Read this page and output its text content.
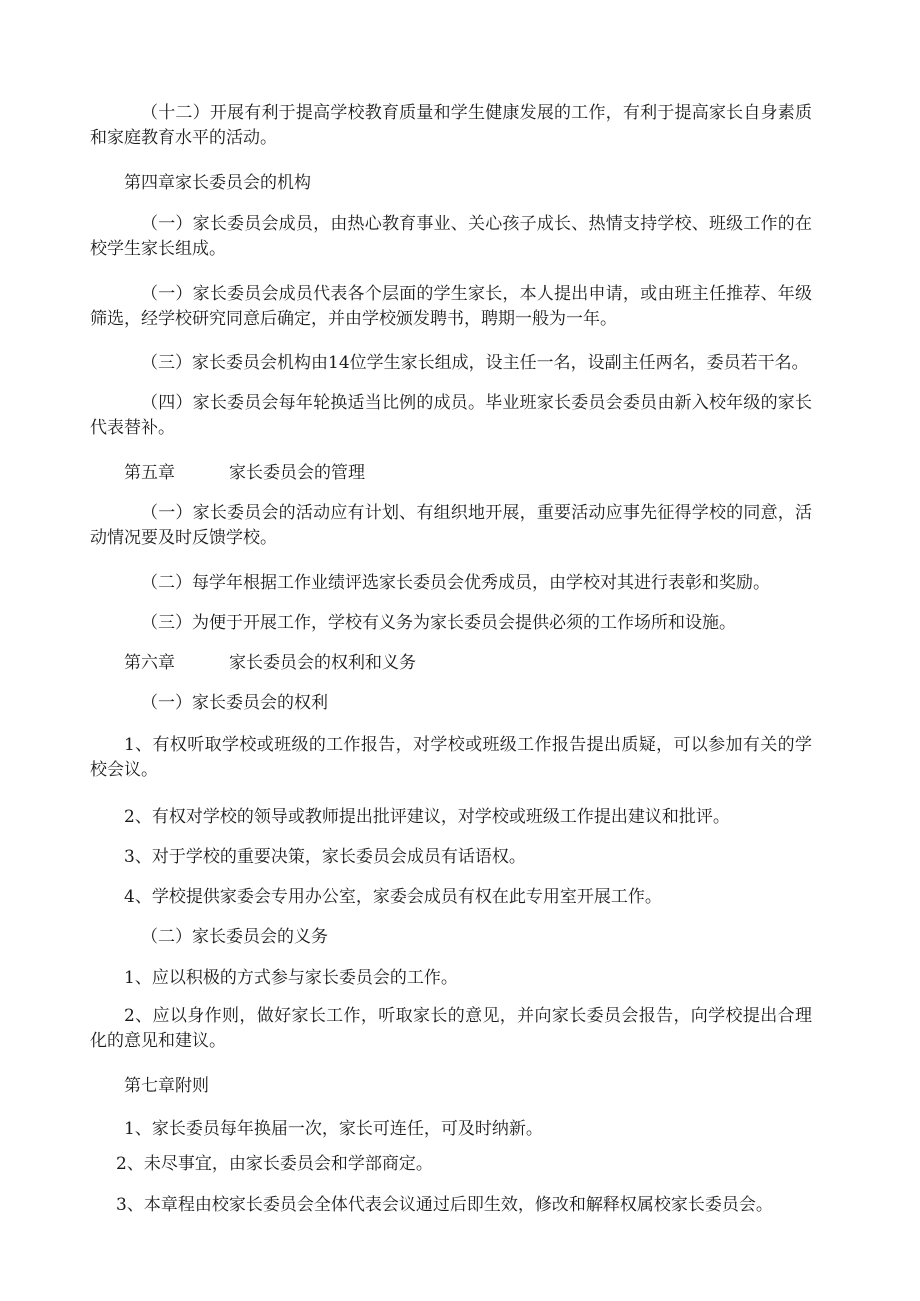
（十二）开展有利于提高学校教育质量和学生健康发展的工作，有利于提高家长自身素质和家庭教育水平的活动。

第四章家长委员会的机构

（一）家长委员会成员，由热心教育事业、关心孩子成长、热情支持学校、班级工作的在校学生家长组成。

（一）家长委员会成员代表各个层面的学生家长，本人提出申请，或由班主任推荐、年级筛选，经学校研究同意后确定，并由学校颁发聘书，聘期一般为一年。

（三）家长委员会机构由14位学生家长组成，设主任一名，设副主任两名，委员若干名。

（四）家长委员会每年轮换适当比例的成员。毕业班家长委员会委员由新入校年级的家长代表替补。

第五章          家长委员会的管理

（一）家长委员会的活动应有计划、有组织地开展，重要活动应事先征得学校的同意，活动情况要及时反馈学校。

（二）每学年根据工作业绩评选家长委员会优秀成员，由学校对其进行表彰和奖励。

（三）为便于开展工作，学校有义务为家长委员会提供必须的工作场所和设施。

第六章          家长委员会的权利和义务

（一）家长委员会的权利

1、有权听取学校或班级的工作报告，对学校或班级工作报告提出质疑，可以参加有关的学校会议。

2、有权对学校的领导或教师提出批评建议，对学校或班级工作提出建议和批评。

3、对于学校的重要决策，家长委员会成员有话语权。

4、学校提供家委会专用办公室，家委会成员有权在此专用室开展工作。

（二）家长委员会的义务

1、应以积极的方式参与家长委员会的工作。

2、应以身作则，做好家长工作，听取家长的意见，并向家长委员会报告，向学校提出合理化的意见和建议。

第七章附则

1、家长委员每年换届一次，家长可连任，可及时纳新。

2、未尽事宜，由家长委员会和学部商定。

3、本章程由校家长委员会全体代表会议通过后即生效，修改和解释权属校家长委员会。
